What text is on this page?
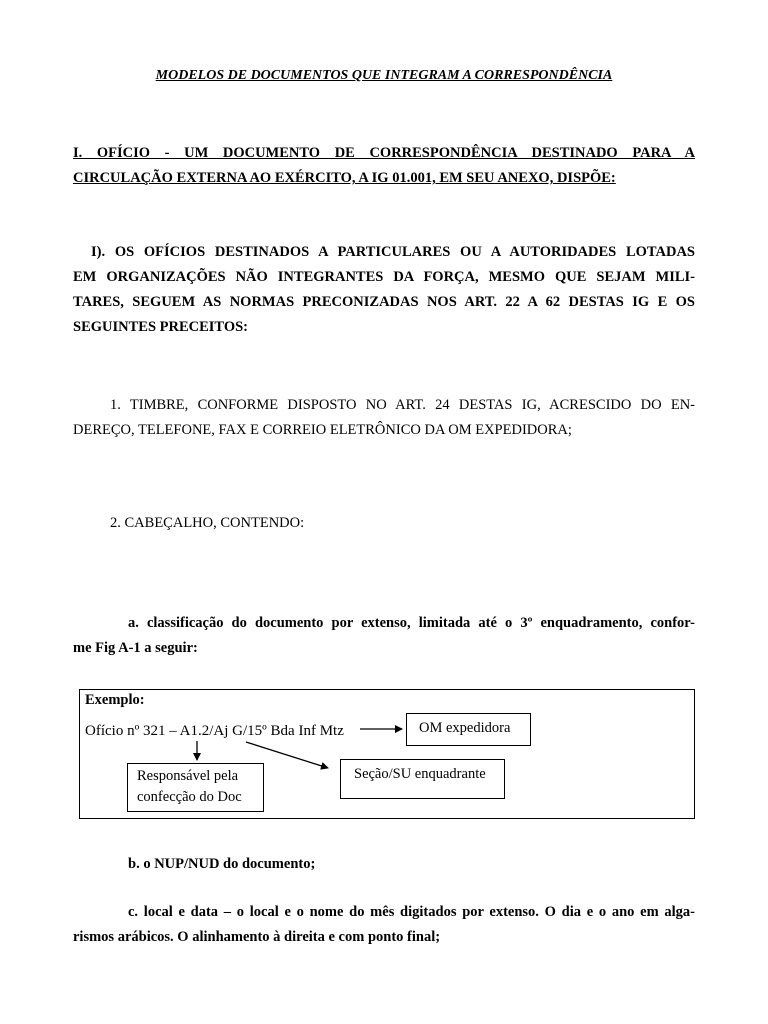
MODELOS DE DOCUMENTOS QUE INTEGRAM A CORRESPONDÊNCIA
I. OFÍCIO - UM DOCUMENTO DE CORRESPONDÊNCIA DESTINADO PARA A
CIRCULAÇÃO EXTERNA AO EXÉRCITO, A IG 01.001, EM SEU ANEXO, DISPÕE:
I). OS OFÍCIOS DESTINADOS A PARTICULARES OU A AUTORIDADES LOTADAS
EM ORGANIZAÇÕES NÃO INTEGRANTES DA FORÇA, MESMO QUE SEJAM MILI-
TARES, SEGUEM AS NORMAS PRECONIZADAS NOS ART. 22 A 62 DESTAS IG E OS
SEGUINTES PRECEITOS:
1. TIMBRE, CONFORME DISPOSTO NO ART. 24 DESTAS IG, ACRESCIDO DO EN-
DEREÇO, TELEFONE, FAX E CORREIO ELETRÔNICO DA OM EXPEDIDORA;
2. CABEÇALHO, CONTENDO:
a. classificação do documento por extenso, limitada até o 3º enquadramento, confor-
me Fig A-1 a seguir:
Exemplo:
Ofício nº 321 – A1.2/Aj G/15º Bda Inf Mtz	OM expedidora
Seção/SU enquadrante
Responsável pela
confecção do Doc
b. o NUP/NUD do documento;
c. local e data – o local e o nome do mês digitados por extenso. O dia e o ano em alga-
rismos arábicos. O alinhamento à direita e com ponto final;
